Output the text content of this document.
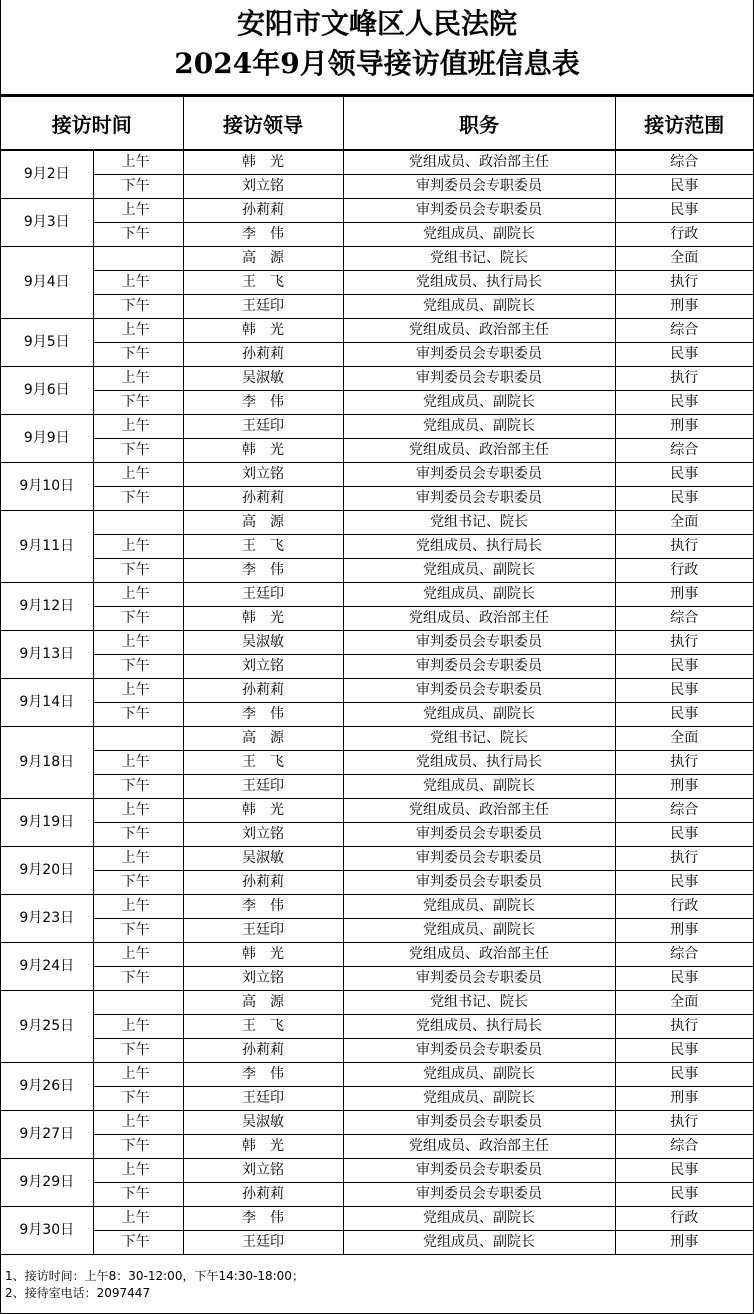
安阳市文峰区人民法院
2024年9月领导接访值班信息表
接访时间		接访领导	职务	接访范围
9月2日	上午	韩　光	党组成员、政治部主任	综合
	下午	刘立铭	审判委员会专职委员	民事
9月3日	上午	孙莉莉	审判委员会专职委员	民事
	下午	李　伟	党组成员、副院长	行政
9月4日		高　源	党组书记、院长	全面
	上午	王　飞	党组成员、执行局长	执行
	下午	王廷印	党组成员、副院长	刑事
9月5日	上午	韩　光	党组成员、政治部主任	综合
	下午	孙莉莉	审判委员会专职委员	民事
9月6日	上午	吴淑敏	审判委员会专职委员	执行
	下午	李　伟	党组成员、副院长	民事
9月9日	上午	王廷印	党组成员、副院长	刑事
	下午	韩　光	党组成员、政治部主任	综合
9月10日	上午	刘立铭	审判委员会专职委员	民事
	下午	孙莉莉	审判委员会专职委员	民事
9月11日		高　源	党组书记、院长	全面
	上午	王　飞	党组成员、执行局长	执行
	下午	李　伟	党组成员、副院长	行政
9月12日	上午	王廷印	党组成员、副院长	刑事
	下午	韩　光	党组成员、政治部主任	综合
9月13日	上午	吴淑敏	审判委员会专职委员	执行
	下午	刘立铭	审判委员会专职委员	民事
9月14日	上午	孙莉莉	审判委员会专职委员	民事
	下午	李　伟	党组成员、副院长	民事
9月18日		高　源	党组书记、院长	全面
	上午	王　飞	党组成员、执行局长	执行
	下午	王廷印	党组成员、副院长	刑事
9月19日	上午	韩　光	党组成员、政治部主任	综合
	下午	刘立铭	审判委员会专职委员	民事
9月20日	上午	吴淑敏	审判委员会专职委员	执行
	下午	孙莉莉	审判委员会专职委员	民事
9月23日	上午	李　伟	党组成员、副院长	行政
	下午	王廷印	党组成员、副院长	刑事
9月24日	上午	韩　光	党组成员、政治部主任	综合
	下午	刘立铭	审判委员会专职委员	民事
9月25日		高　源	党组书记、院长	全面
	上午	王　飞	党组成员、执行局长	执行
	下午	孙莉莉	审判委员会专职委员	民事
9月26日	上午	李　伟	党组成员、副院长	民事
	下午	王廷印	党组成员、副院长	刑事
9月27日	上午	吴淑敏	审判委员会专职委员	执行
	下午	韩　光	党组成员、政治部主任	综合
9月29日	上午	刘立铭	审判委员会专职委员	民事
	下午	孙莉莉	审判委员会专职委员	民事
9月30日	上午	李　伟	党组成员、副院长	行政
	下午	王廷印	党组成员、副院长	刑事
1、接访时间：上午8：30-12:00，下午14:30-18:00；
2、接待室电话：2097447
